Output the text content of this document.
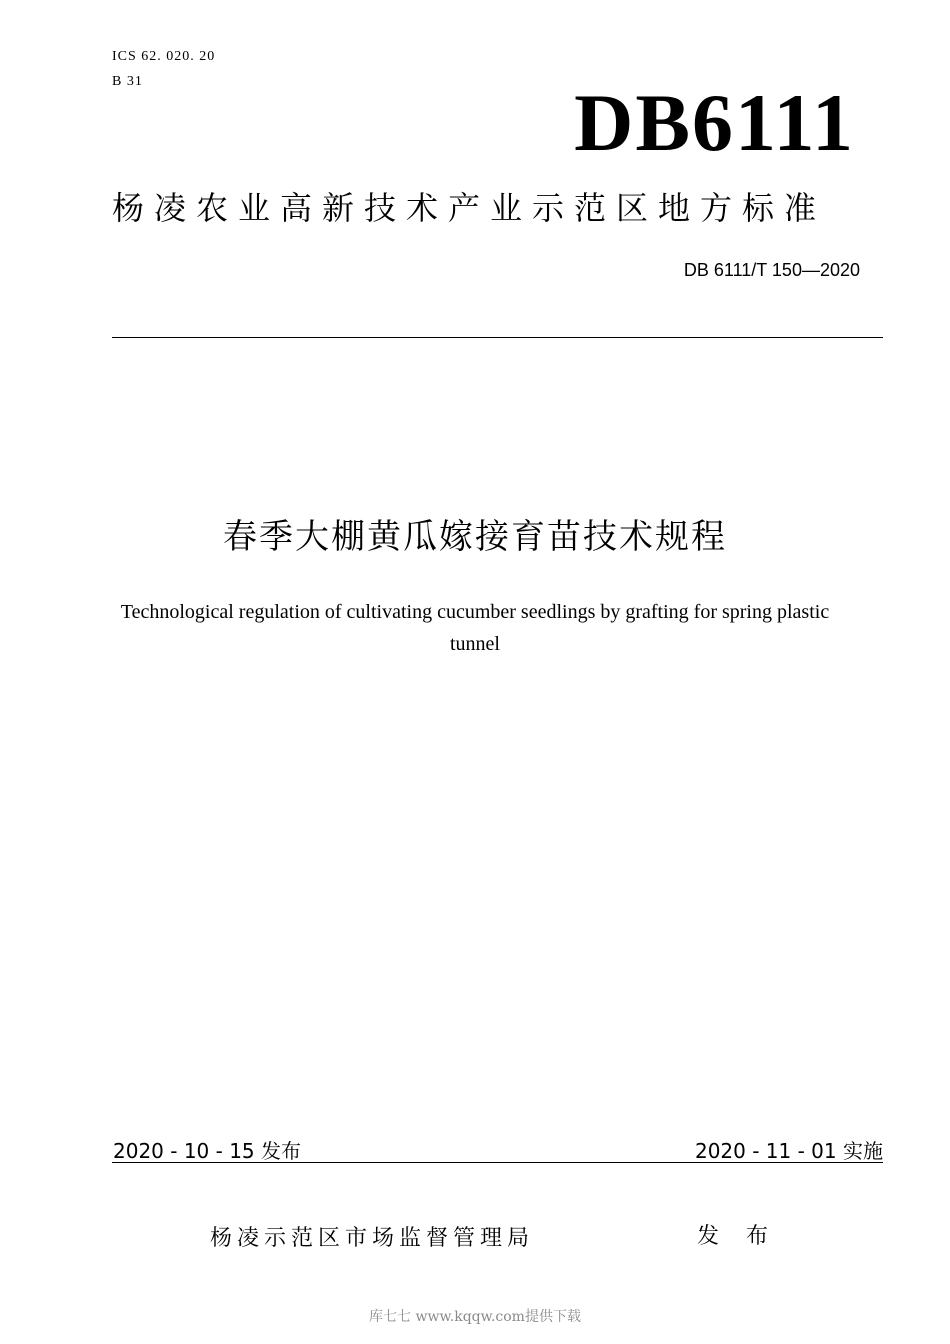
ICS 62. 020. 20
B 31	DB6111
杨凌农业高新技术产业示范区地方标准
DB 6111/T 150—2020
春季大棚黄瓜嫁接育苗技术规程
Technological regulation of cultivating cucumber seedlings by grafting for spring plastic tunnel
2020 - 10 - 15 发布	2020 - 11 - 01 实施
杨凌示范区市场监督管理局	发 布
库七七 www.kqqw.com提供下载
